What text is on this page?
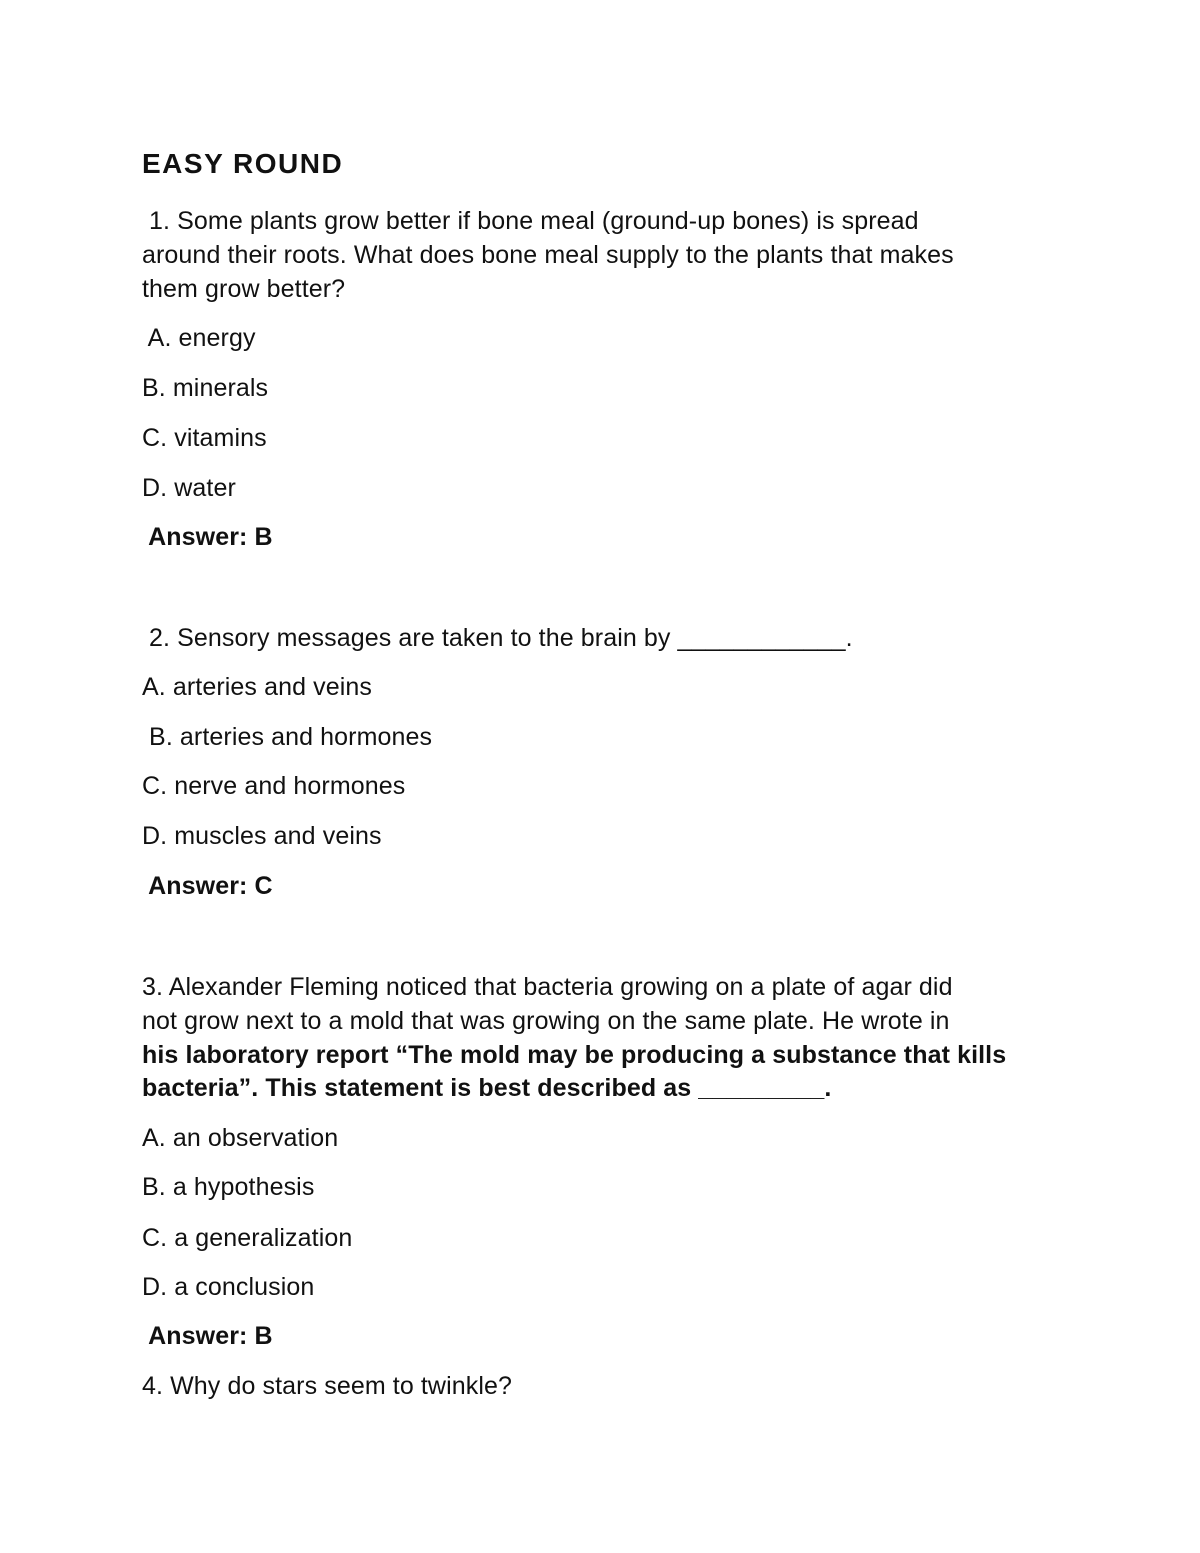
EASY ROUND
1. Some plants grow better if bone meal (ground-up bones) is spread
around their roots. What does bone meal supply to the plants that makes
them grow better?
A. energy
B. minerals
C. vitamins
D. water
Answer: B
2. Sensory messages are taken to the brain by ____________.
A. arteries and veins
B. arteries and hormones
C. nerve and hormones
D. muscles and veins
Answer: C
3. Alexander Fleming noticed that bacteria growing on a plate of agar did
not grow next to a mold that was growing on the same plate. He wrote in
his laboratory report “The mold may be producing a substance that kills
bacteria”. This statement is best described as _________.
A. an observation
B. a hypothesis
C. a generalization
D. a conclusion
Answer: B
4. Why do stars seem to twinkle?
